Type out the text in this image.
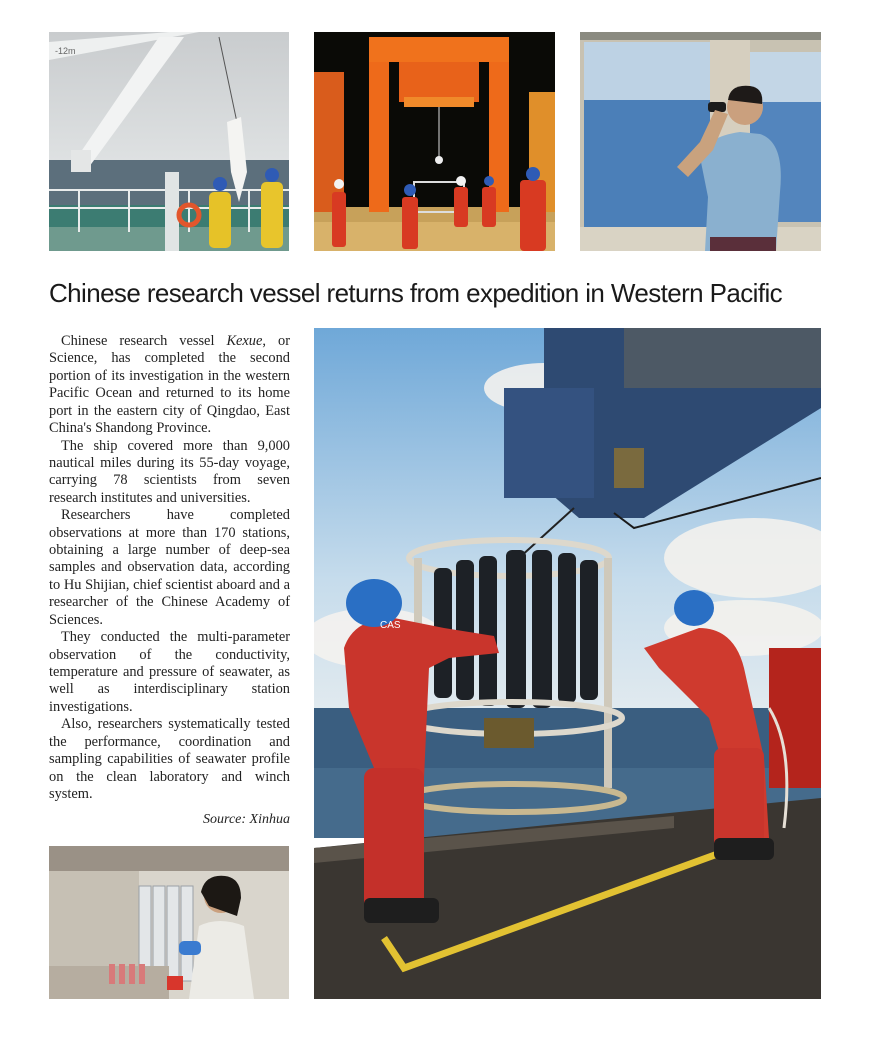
-12m
CAS
Chinese research vessel returns from expedition in Western Pacific

Chinese research vessel Kexue, or Science, has completed the second portion of its investigation in the western Pacific Ocean and returned to its home port in the eastern city of Qingdao, East China's Shandong Province.

The ship covered more than 9,000 nautical miles during its 55-day voyage, carrying 78 scientists from seven research institutes and universities.

Researchers have completed observations at more than 170 stations, obtaining a large number of deep-sea samples and observation data, according to Hu Shijian, chief scientist aboard and a researcher of the Chinese Academy of Sciences.

They conducted the multi-parameter observation of the conductivity, temperature and pressure of seawater, as well as interdisciplinary station investigations.

Also, researchers systematically tested the performance, coordination and sampling capabilities of seawater profile on the clean laboratory and winch system.

Source: Xinhua
